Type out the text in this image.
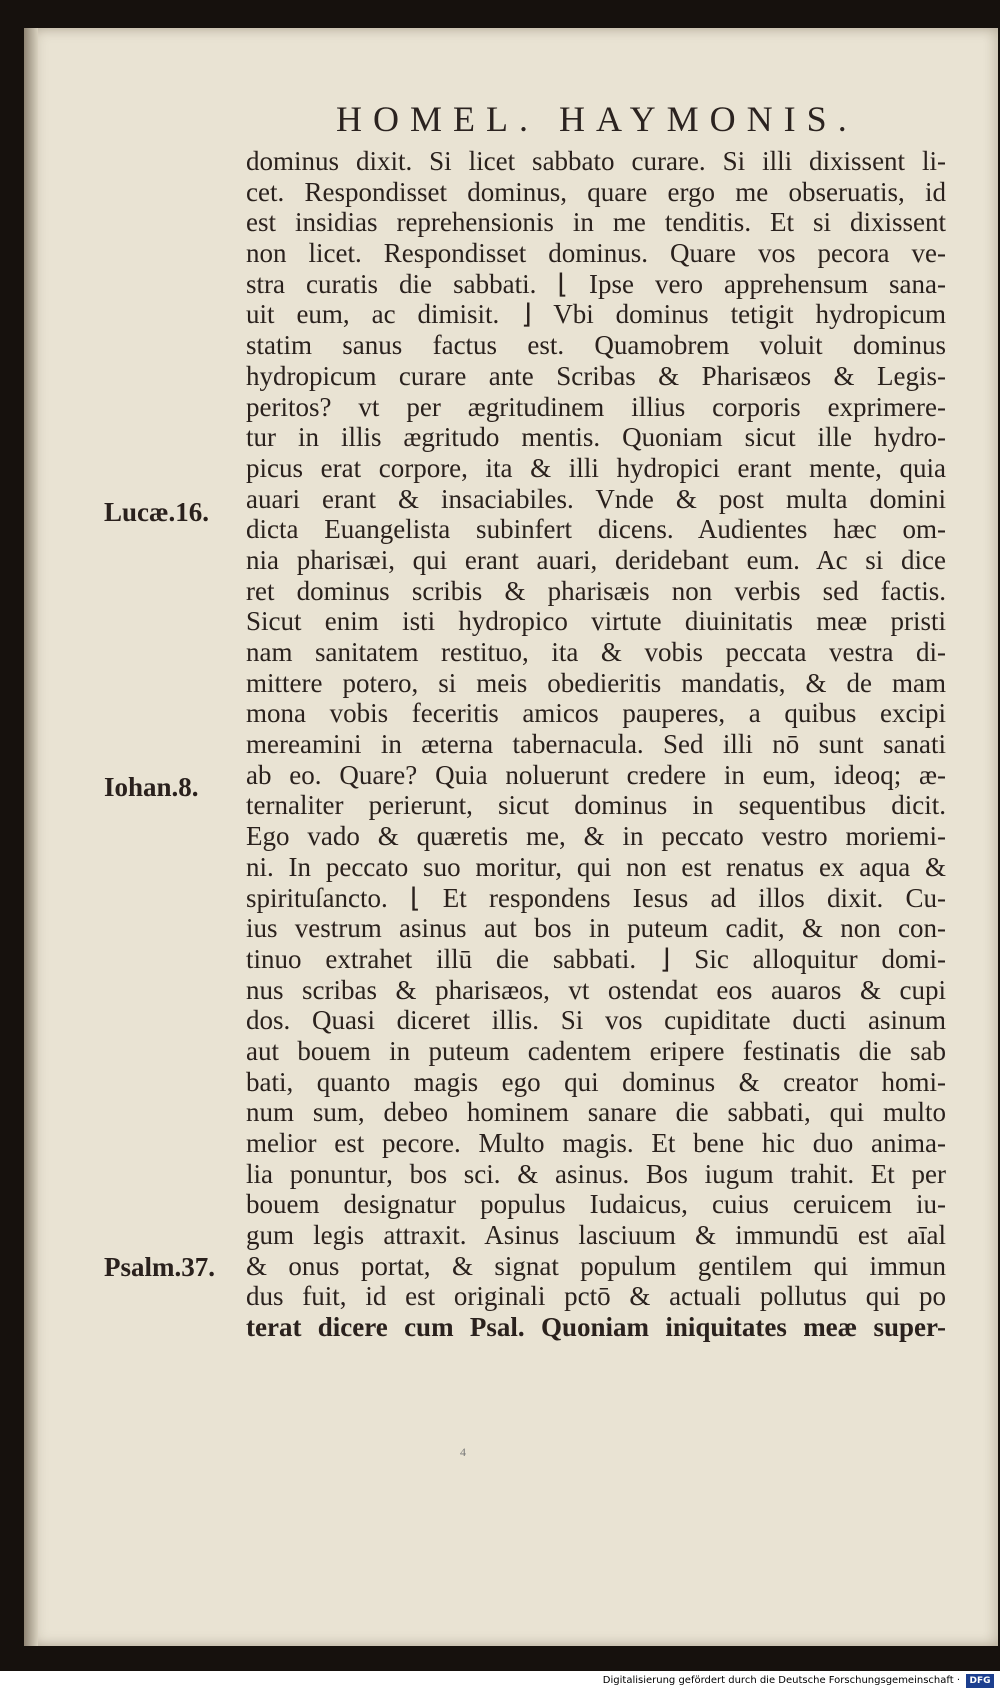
HOMEL. HAYMONIS.
dominus dixit. Si licet sabbato curare. Si illi dixissent li-
cet. Respondisset dominus, quare ergo me obseruatis, id
est insidias reprehensionis in me tenditis. Et si dixissent
non licet. Respondisset dominus. Quare vos pecora ve-
stra curatis die sabbati. ⌊ Ipse vero apprehensum sana-
uit eum, ac dimisit. ⌋ Vbi dominus tetigit hydropicum
statim sanus factus est. Quamobrem voluit dominus
hydropicum curare ante Scribas & Pharisæos & Legis-
peritos? vt per ægritudinem illius corporis exprimere-
tur in illis ægritudo mentis. Quoniam sicut ille hydro-
picus erat corpore, ita & illi hydropici erant mente, quia
auari erant & insaciabiles. Vnde & post multa domini
dicta Euangelista subinfert dicens. Audientes hæc om-
nia pharisæi, qui erant auari, deridebant eum. Ac si dice
ret dominus scribis & pharisæis non verbis sed factis.
Sicut enim isti hydropico virtute diuinitatis meæ pristi
nam sanitatem restituo, ita & vobis peccata vestra di-
mittere potero, si meis obedieritis mandatis, & de mam
mona vobis feceritis amicos pauperes, a quibus excipi
mereamini in æterna tabernacula. Sed illi nō sunt sanati
ab eo. Quare? Quia noluerunt credere in eum, ideoq; æ-
ternaliter perierunt, sicut dominus in sequentibus dicit.
Ego vado & quæretis me, & in peccato vestro moriemi-
ni. In peccato suo moritur, qui non est renatus ex aqua &
spirituſancto. ⌊ Et respondens Iesus ad illos dixit. Cu-
ius vestrum asinus aut bos in puteum cadit, & non con-
tinuo extrahet illū die sabbati. ⌋ Sic alloquitur domi-
nus scribas & pharisæos, vt ostendat eos auaros & cupi
dos. Quasi diceret illis. Si vos cupiditate ducti asinum
aut bouem in puteum cadentem eripere festinatis die sab
bati, quanto magis ego qui dominus & creator homi-
num sum, debeo hominem sanare die sabbati, qui multo
melior est pecore. Multo magis. Et bene hic duo anima-
lia ponuntur, bos sci. & asinus. Bos iugum trahit. Et per
bouem designatur populus Iudaicus, cuius ceruicem iu-
gum legis attraxit. Asinus lasciuum & immundū est aīal
& onus portat, & signat populum gentilem qui immun
dus fuit, id est originali pctō & actuali pollutus qui po
terat dicere cum Psal. Quoniam iniquitates meæ super-
Lucæ.16.
Iohan.8.
Psalm.37.
4
Digitalisierung gefördert durch die Deutsche Forschungsgemeinschaft ·	DFG
